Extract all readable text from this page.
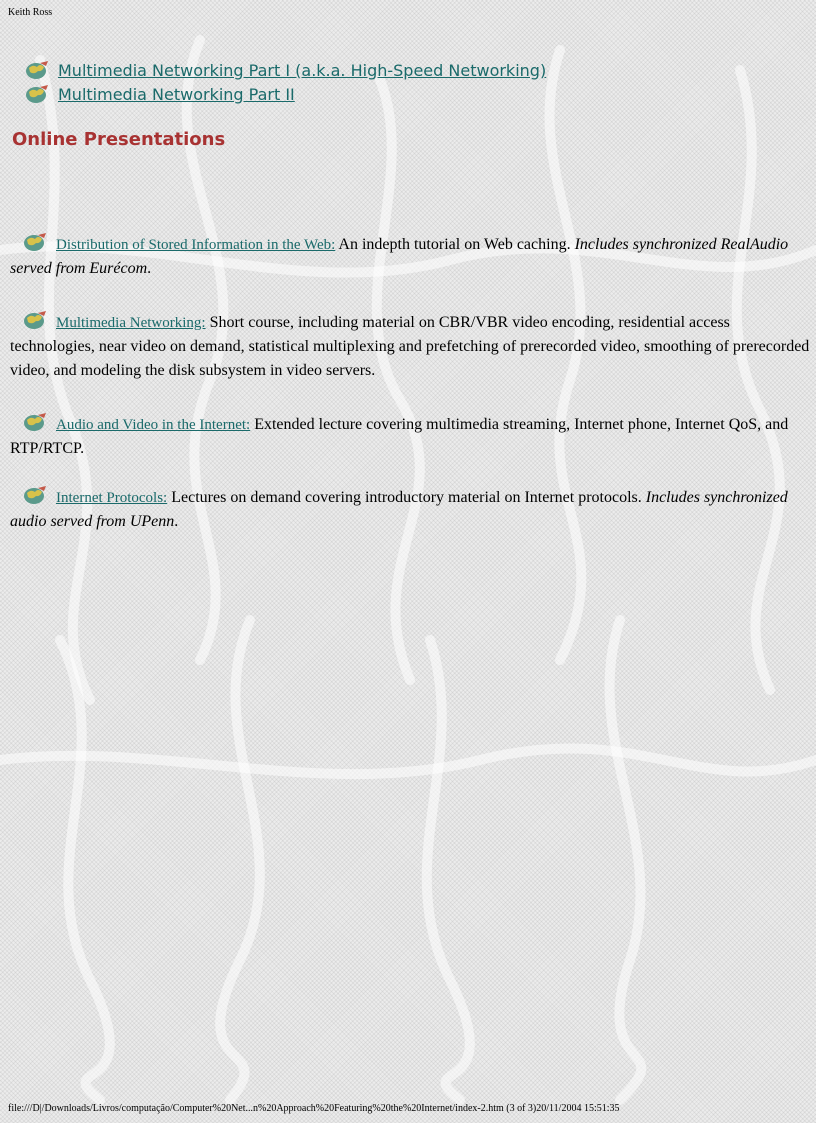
Keith Ross
Multimedia Networking Part I (a.k.a. High-Speed Networking)
Multimedia Networking Part II
Online Presentations
Distribution of Stored Information in the Web: An indepth tutorial on Web caching. Includes synchronized RealAudio served from Eurécom.
Multimedia Networking: Short course, including material on CBR/VBR video encoding, residential access technologies, near video on demand, statistical multiplexing and prefetching of prerecorded video, smoothing of prerecorded video, and modeling the disk subsystem in video servers.
Audio and Video in the Internet: Extended lecture covering multimedia streaming, Internet phone, Internet QoS, and RTP/RTCP.
Internet Protocols: Lectures on demand covering introductory material on Internet protocols. Includes synchronized audio served from UPenn.
file:///D|/Downloads/Livros/computação/Computer%20Net...n%20Approach%20Featuring%20the%20Internet/index-2.htm (3 of 3)20/11/2004 15:51:35
